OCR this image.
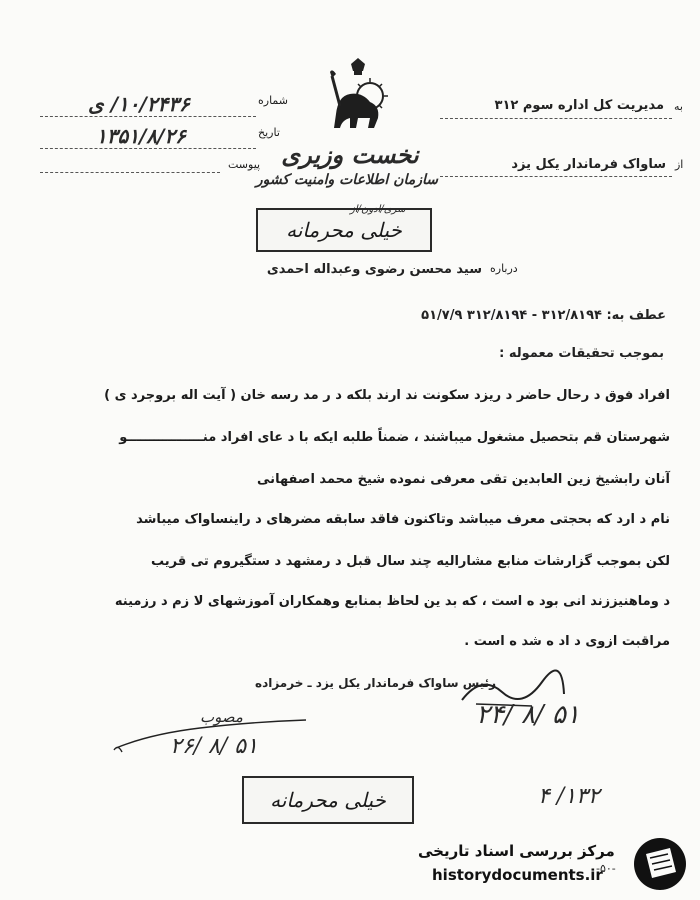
شماره
۱۰/۲۴۳۶/ ی
تاریخ
۱۳۵۱/۸/۲۶
پیوست
به
مدیریت کل اداره سوم ۳۱۲
از
ساواک فرماندار یکل یزد
نخست وزیری
سازمان اطلاعات وامنیت کشور
خیلی محرمانه
سری/ادون/از
درباره
سید محسن رضوی وعبداله احمدی
عطف به: ۳۱۲/۸۱۹۴ - ۳۱۲/۸۱۹۴ ۵۱/۷/۹
بموجب تحقیقات معموله :
افراد فوق د رحال حاضر د ریزد سکونت ند ارند بلکه د ر مد رسه خان ( آیت اله بروجرد ی )
شهرستان قم بتحصیل مشغول میباشند ، ضمناً طلبه ایکه با د عای افراد منـــــــــــــــــو
آنان رابشیخ زین العابدین تقی معرفی نموده شیخ محمد اصفهانی
نام د ارد که بحجتی معرف میباشد وتاکنون فاقد سابقه مضرهای د راینساواک میباشد
لکن بموجب گزارشات منابع مشارالیه چند سال قبل د رمشهد د ستگیروم تی قریب
د وماهنیززند انی بود ه است ، که بد ین لحاظ بمنابع وهمکاران آموزشهای لا زم د رزمینه
مراقبت ازوی د اد ه شد ه است .
رئیس ساواک فرماندار یکل یزد ـ خرمزاده
۲۴/ ۸/ ۵۱
مصوب
۲۶/ ۸/ ۵۱
خیلی محرمانه	۴ /۱۳۲
مرکز بررسی اسناد تاریخی
historydocuments.ir
-۵۰-
